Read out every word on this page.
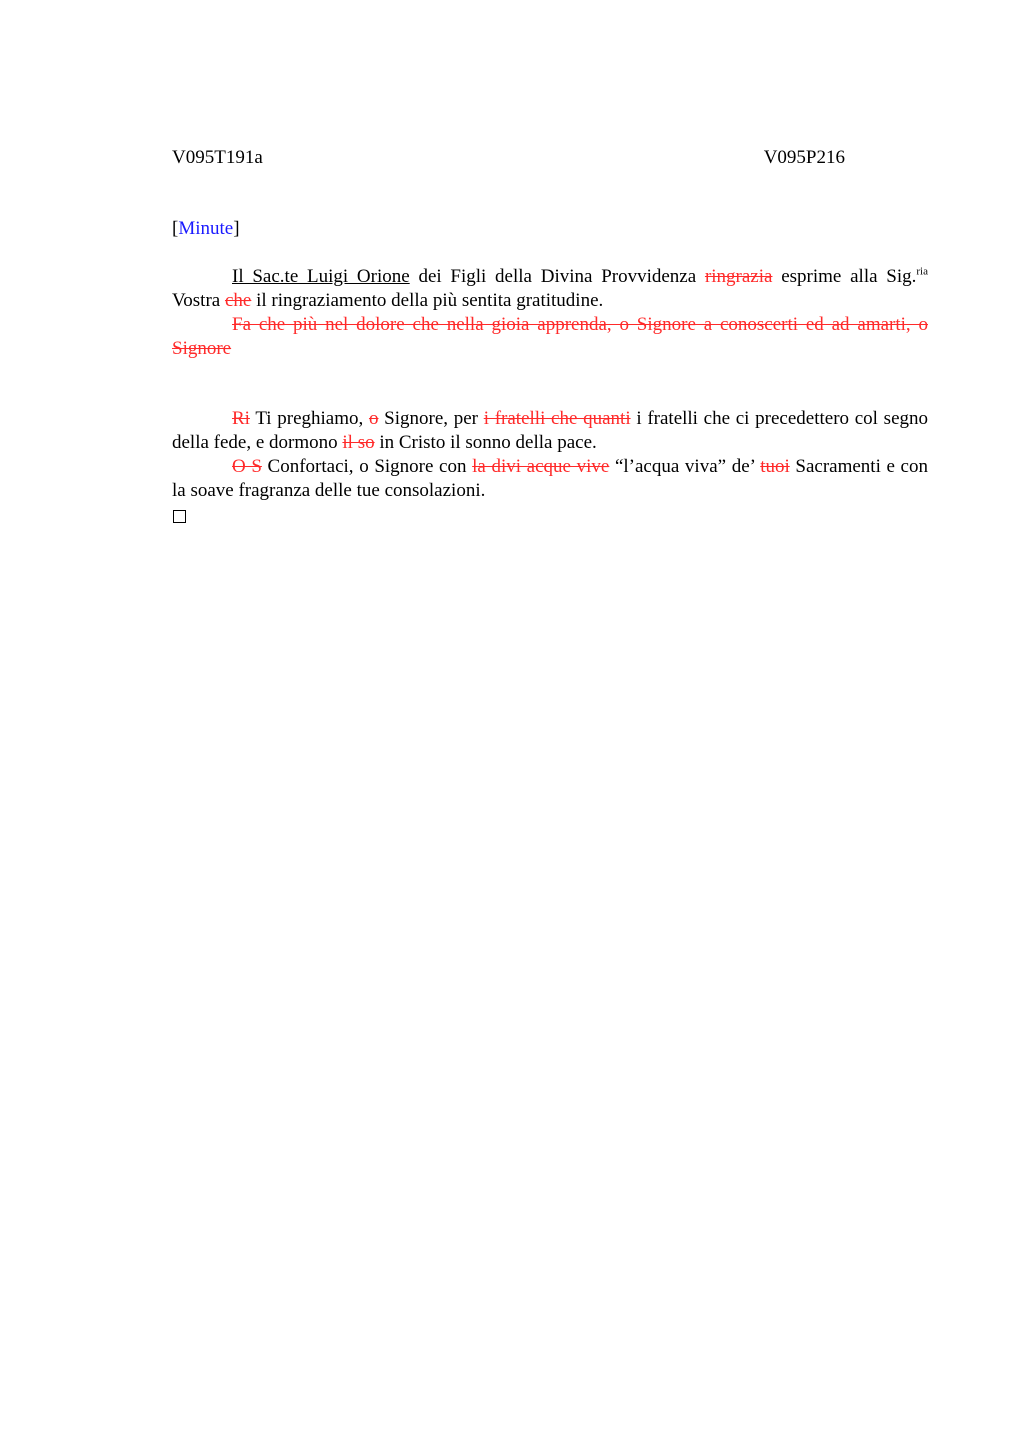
V095T191a	V095P216
[Minute]

Il Sac.te Luigi Orione dei Figli della Divina Provvidenza ringrazia esprime alla Sig.$^{ria}$ Vostra che il ringraziamento della più sentita gratitudine.

Fa che più nel dolore che nella gioia apprenda, o Signore a conoscerti ed ad amarti, o Signore

Ri Ti preghiamo, o Signore, per i fratelli che quanti i fratelli che ci precedettero col segno della fede, e dormono il so in Cristo il sonno della pace.

O S Confortaci, o Signore con la divi acque vive “l’acqua viva” de’ tuoi Sacramenti e con la soave fragranza delle tue consolazioni.
